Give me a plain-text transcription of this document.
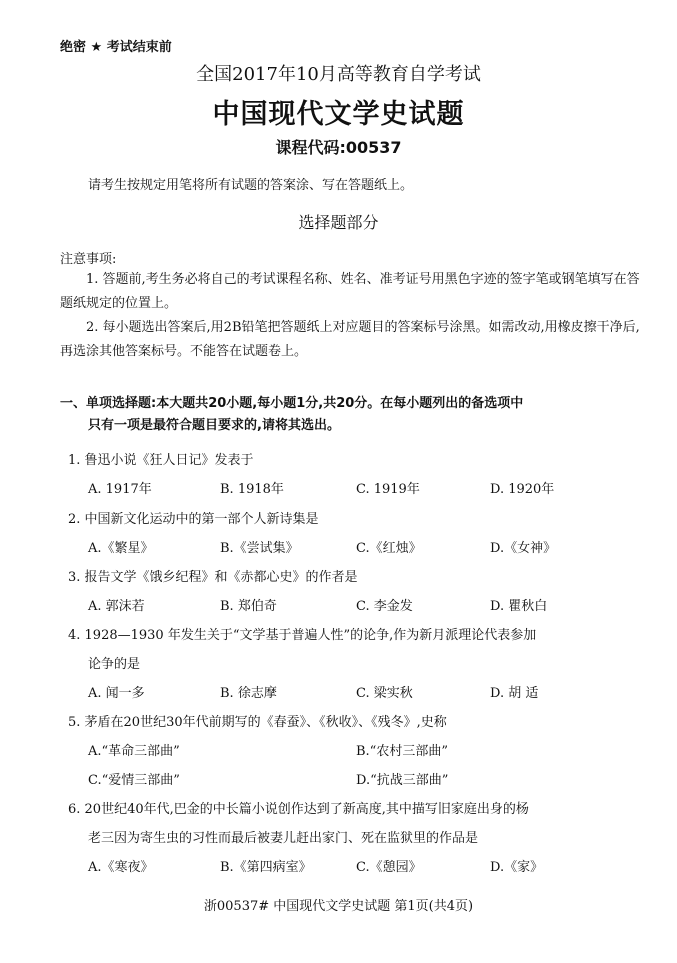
绝密 ★ 考试结束前
全国2017年10月高等教育自学考试
中国现代文学史试题
课程代码:00537
请考生按规定用笔将所有试题的答案涂、写在答题纸上。
选择题部分
注意事项:
1. 答题前,考生务必将自己的考试课程名称、姓名、准考证号用黑色字迹的签字笔或钢笔填写在答题纸规定的位置上。
2. 每小题选出答案后,用2B铅笔把答题纸上对应题目的答案标号涂黑。如需改动,用橡皮擦干净后,再选涂其他答案标号。不能答在试题卷上。
一、单项选择题:本大题共20小题,每小题1分,共20分。在每小题列出的备选项中
只有一项是最符合题目要求的,请将其选出。
1. 鲁迅小说《狂人日记》发表于
A. 1917年	B. 1918年	C. 1919年	D. 1920年
2. 中国新文化运动中的第一部个人新诗集是
A.《繁星》	B.《尝试集》	C.《红烛》	D.《女神》
3. 报告文学《饿乡纪程》和《赤都心史》的作者是
A. 郭沫若	B. 郑伯奇	C. 李金发	D. 瞿秋白
4. 1928—1930 年发生关于“文学基于普遍人性”的论争,作为新月派理论代表参加
论争的是
A. 闻一多	B. 徐志摩	C. 梁实秋	D. 胡 适
5. 茅盾在20世纪30年代前期写的《春蚕》、《秋收》、《残冬》,史称
A.“革命三部曲”	B.“农村三部曲”
C.“爱情三部曲”	D.“抗战三部曲”
6. 20世纪40年代,巴金的中长篇小说创作达到了新高度,其中描写旧家庭出身的杨
老三因为寄生虫的习性而最后被妻儿赶出家门、死在监狱里的作品是
A.《寒夜》	B.《第四病室》	C.《憩园》	D.《家》
浙00537# 中国现代文学史试题 第1页(共4页)
